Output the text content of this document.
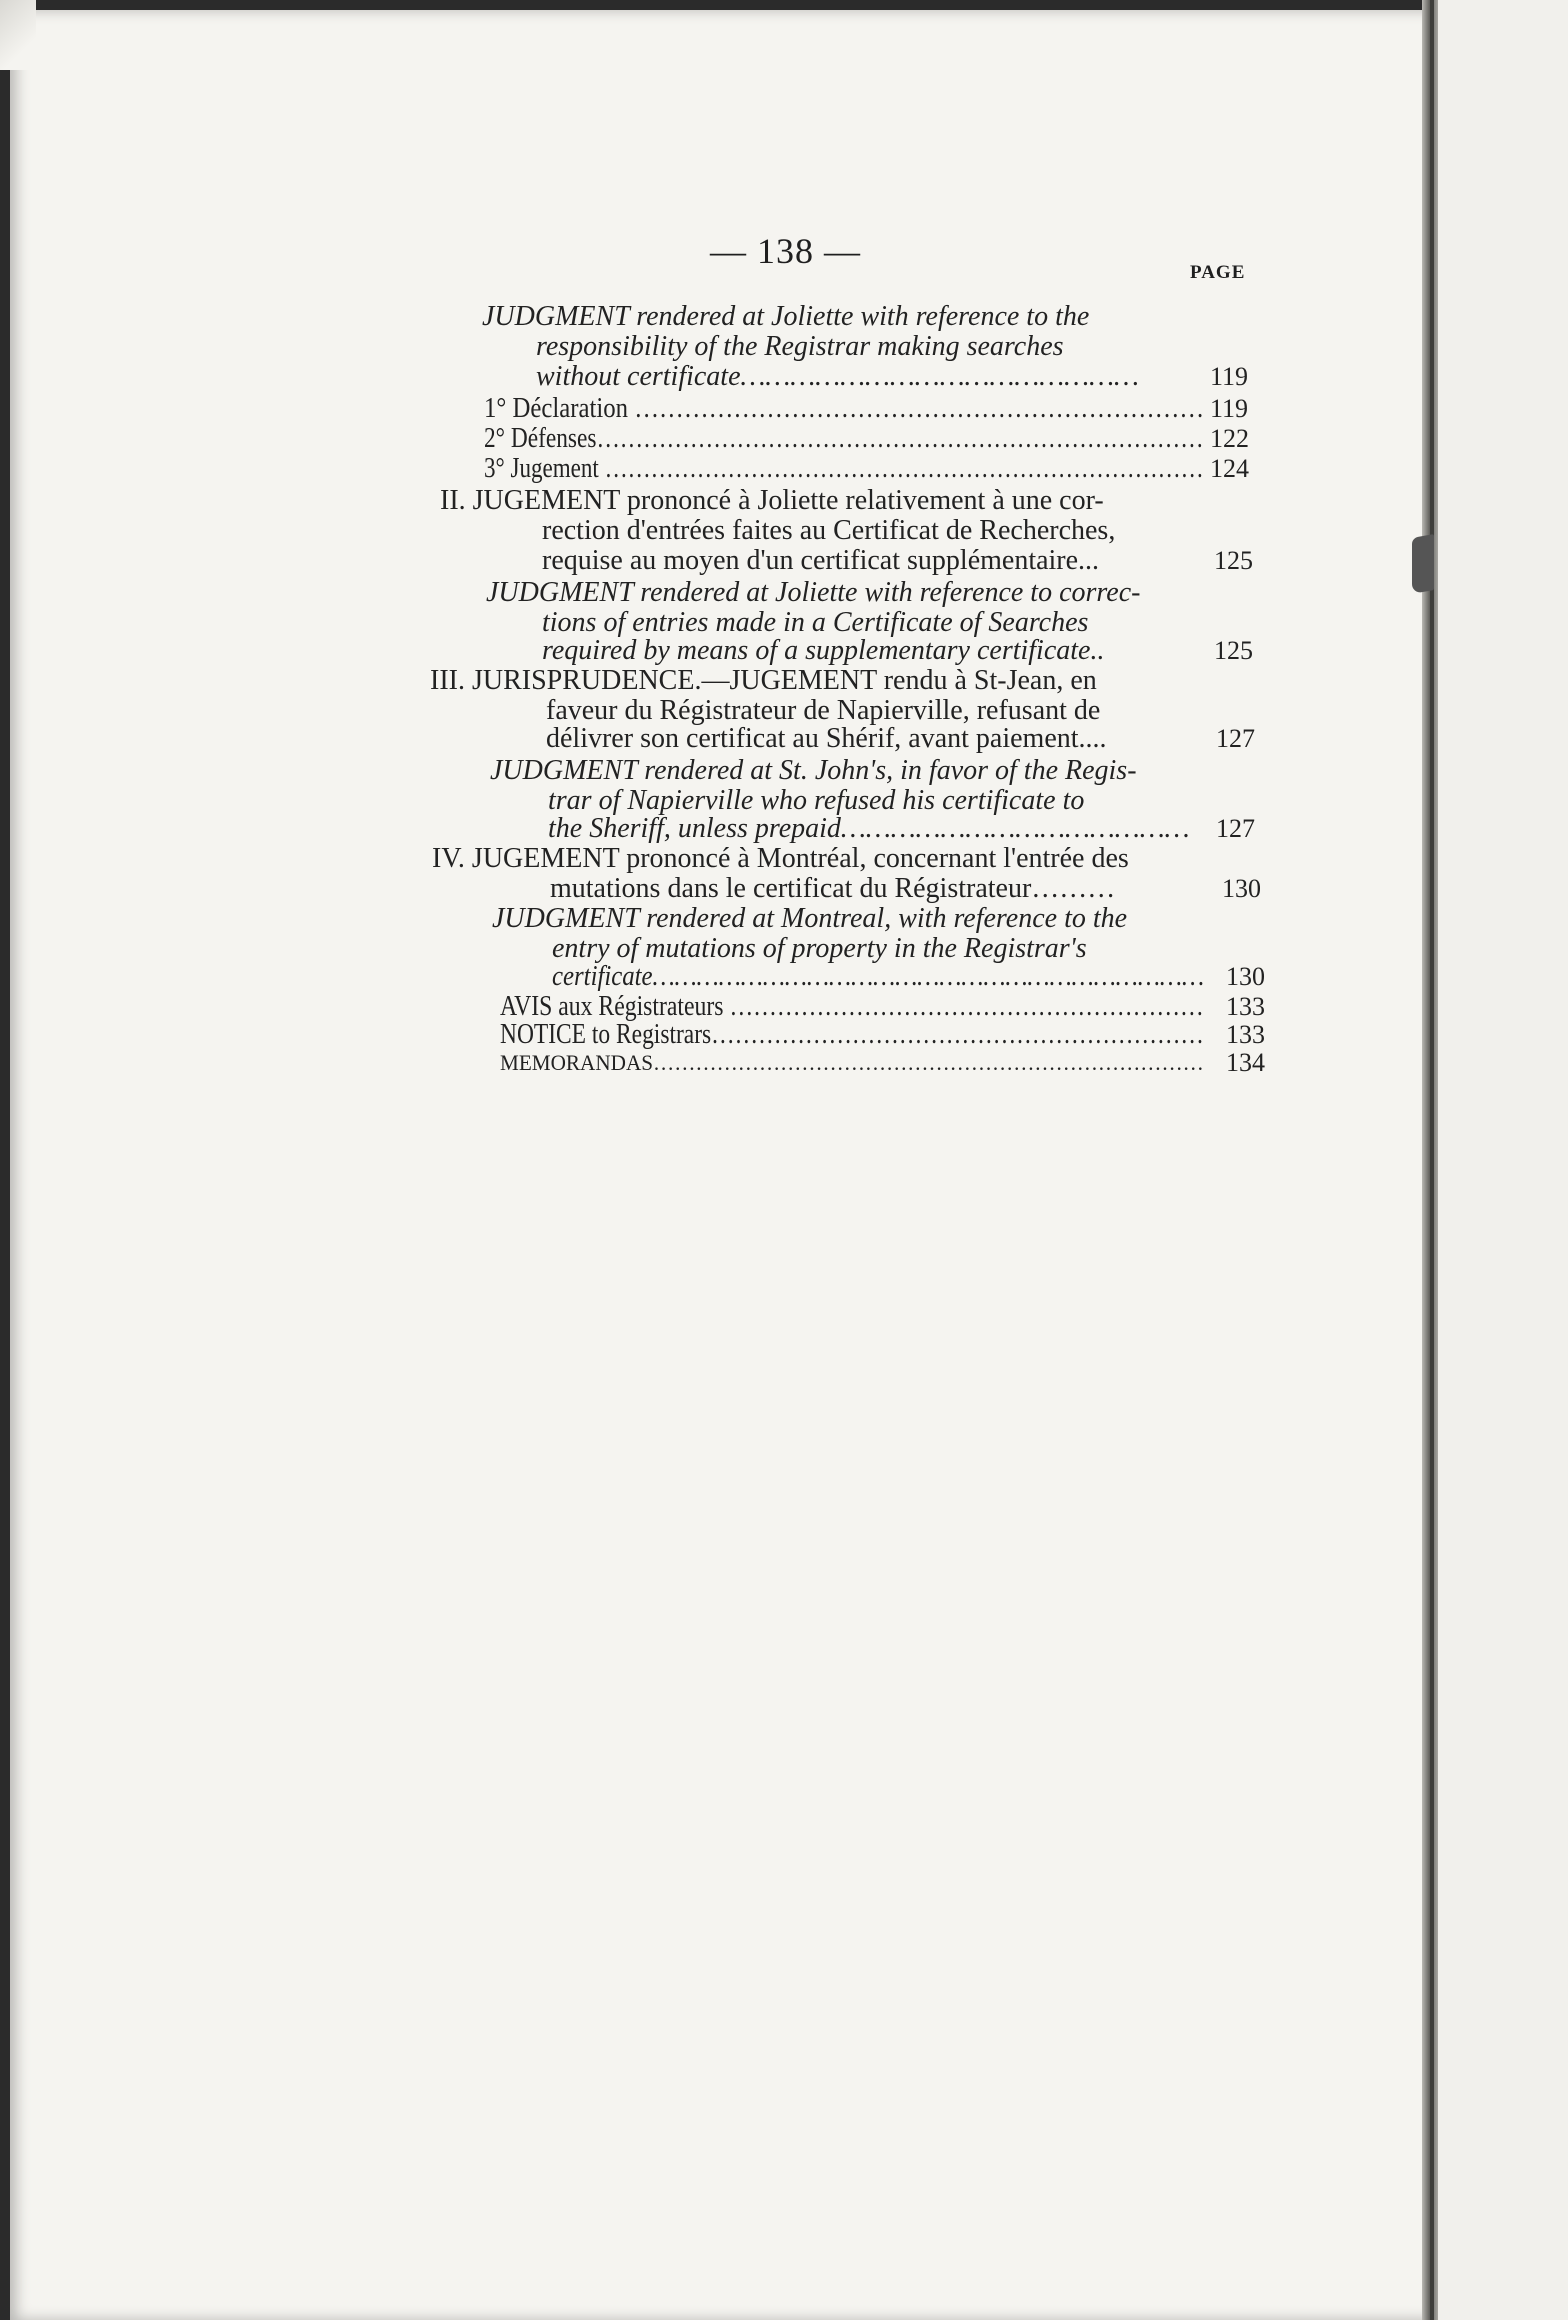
— 138 —
PAGE
JUDGMENT rendered at Joliette with reference to the
responsibility of the Registrar making searches
without certificate…………………………………………	119
1° Déclaration …………………………………………………………… 119
2° Défenses…………………………………………………………………… 122
3° Jugement …………………………………………………………………… 124
II. JUGEMENT prononcé à Joliette relativement à une cor-
rection d'entrées faites au Certificat de Recherches,
requise au moyen d'un certificat supplémentaire...	125
JUDGMENT rendered at Joliette with reference to correc-
tions of entries made in a Certificate of Searches
required by means of a supplementary certificate..	125
III. JURISPRUDENCE.—JUGEMENT rendu à St-Jean, en
faveur du Régistrateur de Napierville, refusant de
délivrer son certificat au Shérif, avant paiement....	127
JUDGMENT rendered at St. John's, in favor of the Regis-
trar of Napierville who refused his certificate to
the Sheriff, unless prepaid…………………………………… 127
IV. JUGEMENT prononcé à Montréal, concernant l'entrée des
mutations dans le certificat du Régistrateur………	130
JUDGMENT rendered at Montreal, with reference to the
entry of mutations of property in the Registrar's
certificate………………………………………………………………… 130
AVIS aux Régistrateurs …………………………………………………… 133
NOTICE to Registrars……………………………………………………… 133
MEMORANDAS…………………………………………………………………… 134
